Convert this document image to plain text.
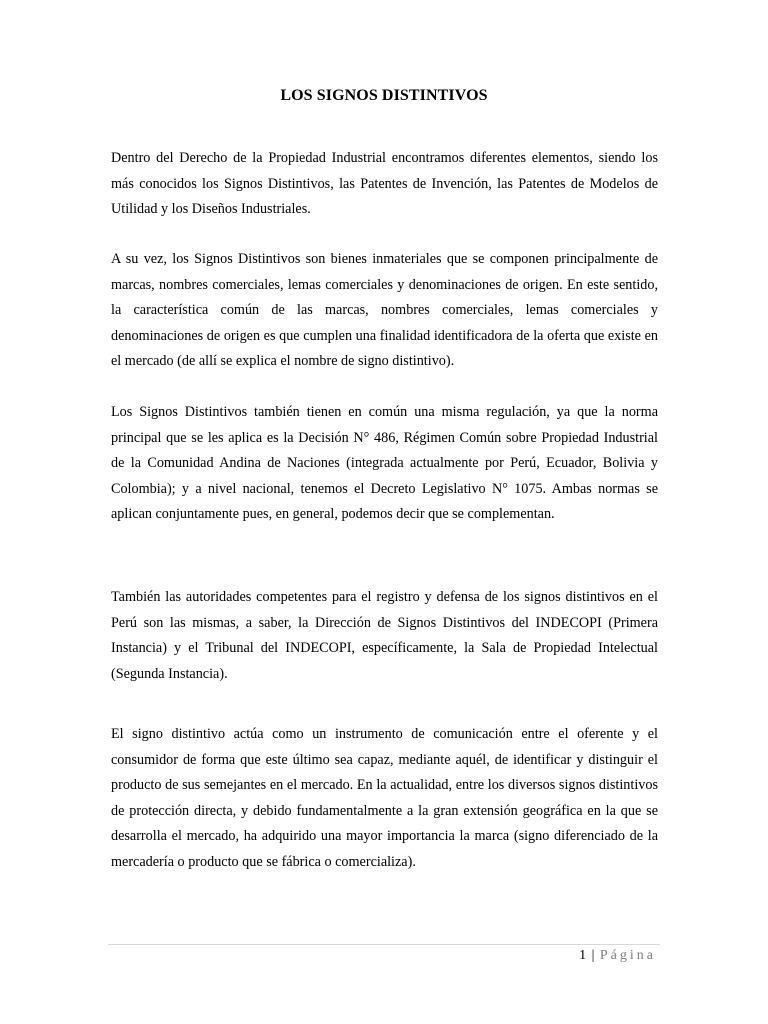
LOS SIGNOS DISTINTIVOS

Dentro del Derecho de la Propiedad Industrial encontramos diferentes elementos, siendo los más conocidos los Signos Distintivos, las Patentes de Invención, las Patentes de Modelos de Utilidad y los Diseños Industriales.

A su vez, los Signos Distintivos son bienes inmateriales que se componen principalmente de marcas, nombres comerciales, lemas comerciales y denominaciones de origen. En este sentido, la característica común de las marcas, nombres comerciales, lemas comerciales y denominaciones de origen es que cumplen una finalidad identificadora de la oferta que existe en el mercado (de allí se explica el nombre de signo distintivo).

Los Signos Distintivos también tienen en común una misma regulación, ya que la norma principal que se les aplica es la Decisión N° 486, Régimen Común sobre Propiedad Industrial de la Comunidad Andina de Naciones (integrada actualmente por Perú, Ecuador, Bolivia y Colombia); y a nivel nacional, tenemos el Decreto Legislativo N° 1075. Ambas normas se aplican conjuntamente pues, en general, podemos decir que se complementan.

También las autoridades competentes para el registro y defensa de los signos distintivos en el Perú son las mismas, a saber, la Dirección de Signos Distintivos del INDECOPI (Primera Instancia) y el Tribunal del INDECOPI, específicamente, la Sala de Propiedad Intelectual (Segunda Instancia).

El signo distintivo actúa como un instrumento de comunicación entre el oferente y el consumidor de forma que este último sea capaz, mediante aquél, de identificar y distinguir el producto de sus semejantes en el mercado. En la actualidad, entre los diversos signos distintivos de protección directa, y debido fundamentalmente a la gran extensión geográfica en la que se desarrolla el mercado, ha adquirido una mayor importancia la marca (signo diferenciado de la mercadería o producto que se fábrica o comercializa).

1 | Página
